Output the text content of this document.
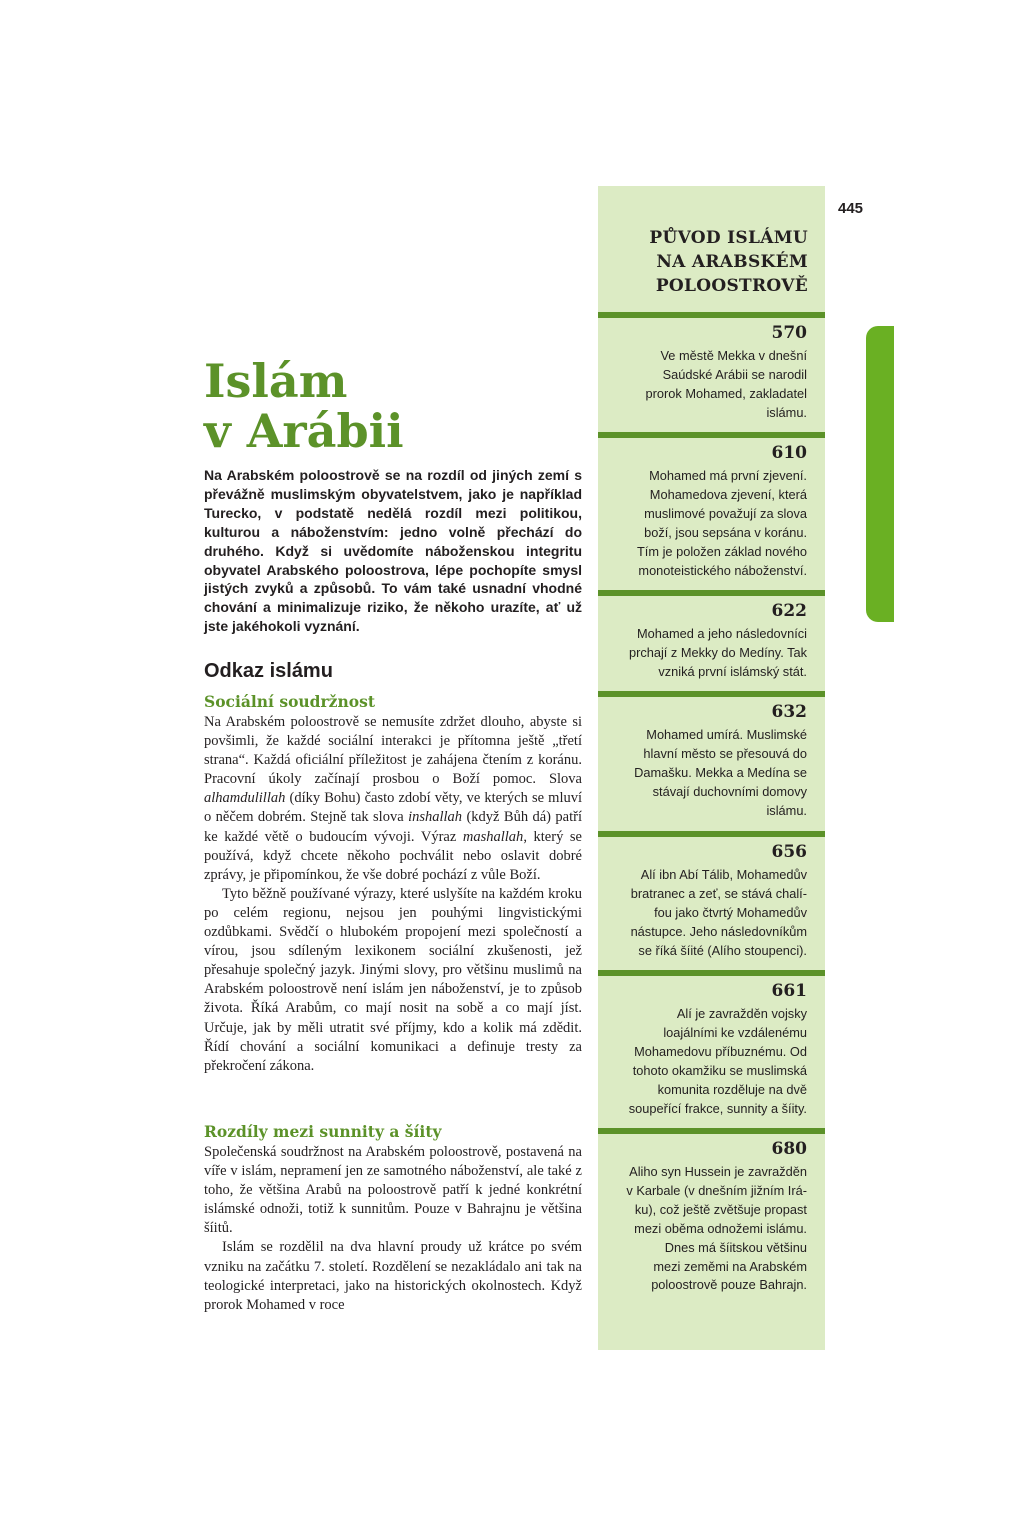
445
Islám
v Arábii

Na Arabském poloostrově se na rozdíl od jiných zemí s převážně muslimským obyvatelstvem, jako je například Turecko, v podstatě nedělá rozdíl mezi politikou, kulturou a náboženstvím: jedno volně přechází do druhého. Když si uvědomíte náboženskou integritu obyvatel Arabského poloostrova, lépe pochopíte smysl jistých zvyků a způsobů. To vám také usnadní vhodné chování a minimalizuje riziko, že někoho urazíte, ať už jste jakéhokoli vyznání.

Odkaz islámu
Sociální soudržnost

Na Arabském poloostrově se nemusíte zdržet dlouho, abyste si povšimli, že každé sociální interakci je přítomna ještě „třetí strana“. Každá oficiální příležitost je zahájena čtením z koránu. Pracovní úkoly začínají prosbou o Boží pomoc. Slova alhamdulillah (díky Bohu) často zdobí věty, ve kterých se mluví o něčem dobrém. Stejně tak slova inshallah (když Bůh dá) patří ke každé větě o budoucím vývoji. Výraz mashallah, který se používá, když chcete někoho pochválit nebo oslavit dobré zprávy, je připomínkou, že vše dobré pochází z vůle Boží.

Tyto běžně používané výrazy, které uslyšíte na každém kroku po celém regionu, nejsou jen pouhými lingvistickými ozdůbkami. Svědčí o hlubokém propojení mezi společností a vírou, jsou sdíleným lexikonem sociální zkušenosti, jež přesahuje společný jazyk. Jinými slovy, pro většinu muslimů na Arabském poloostrově není islám jen náboženství, je to způsob života. Říká Arabům, co mají nosit na sobě a co mají jíst. Určuje, jak by měli utratit své příjmy, kdo a kolik má zdědit. Řídí chování a sociální komunikaci a definuje tresty za překročení zákona.

Rozdíly mezi sunnity a šíity

Společenská soudržnost na Arabském poloostrově, postavená na víře v islám, nepramení jen ze samotného náboženství, ale také z toho, že většina Arabů na poloostrově patří k jedné konkrétní islámské odnoži, totiž k sunnitům. Pouze v Bahrajnu je většina šíitů.

Islám se rozdělil na dva hlavní proudy už krátce po svém vzniku na začátku 7. století. Rozdělení se nezakládalo ani tak na teologické interpretaci, jako na historických okolnostech. Když prorok Mohamed v roce

PŮVOD ISLÁMU
NA ARABSKÉM
POLOOSTROVĚ
570
Ve městě Mekka v dnešní
Saúdské Arábii se narodil
prorok Mohamed, zakladatel
islámu.
610
Mohamed má první zjevení.
Mohamedova zjevení, která
muslimové považují za slova
boží, jsou sepsána v koránu.
Tím je položen základ nového
monoteistického náboženství.
622
Mohamed a jeho následovníci
prchají z Mekky do Medíny. Tak
vzniká první islámský stát.
632
Mohamed umírá. Muslimské
hlavní město se přesouvá do
Damašku. Mekka a Medína se
stávají duchovními domovy
islámu.
656
Alí ibn Abí Tálib, Mohamedův
bratranec a zeť, se stává chalí-
fou jako čtvrtý Mohamedův
nástupce. Jeho následovníkům
se říká šíité (Alího stoupenci).
661
Alí je zavražděn vojsky
loajálními ke vzdálenému
Mohamedovu příbuznému. Od
tohoto okamžiku se muslimská
komunita rozděluje na dvě
soupeřící frakce, sunnity a šíity.
680
Aliho syn Hussein je zavražděn
v Karbale (v dnešním jižním Irá-
ku), což ještě zvětšuje propast
mezi oběma odnožemi islámu.
Dnes má šíitskou většinu
mezi zeměmi na Arabském
poloostrově pouze Bahrajn.
